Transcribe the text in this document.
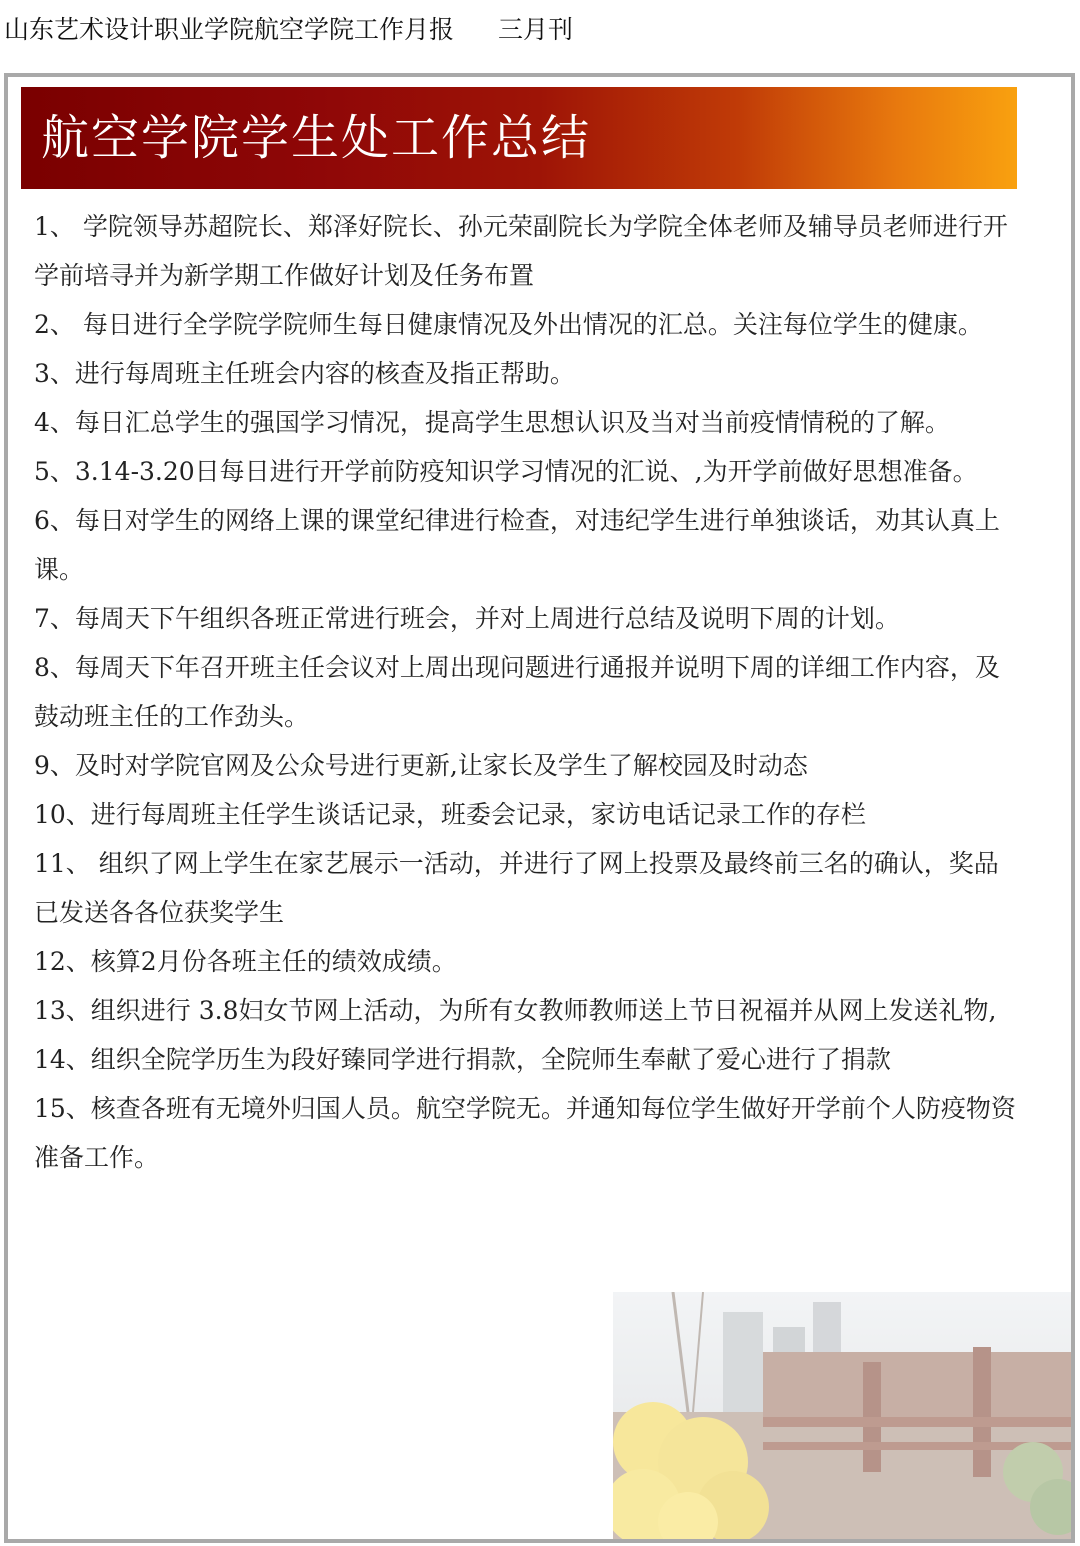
山东艺术设计职业学院航空学院工作月报 三月刊
航空学院学生处工作总结
1、 学院领导苏超院长、郑泽好院长、孙元荣副院长为学院全体老师及辅导员老师进行开学前培寻并为新学期工作做好计划及任务布置
2、 每日进行全学院学院师生每日健康情况及外出情况的汇总。关注每位学生的健康。
3、进行每周班主任班会内容的核查及指正帮助。
4、每日汇总学生的强国学习情况，提高学生思想认识及当对当前疫情情税的了解。
5、3.14-3.20日每日进行开学前防疫知识学习情况的汇说、,为开学前做好思想准备。
6、每日对学生的网络上课的课堂纪律进行检查，对违纪学生进行单独谈话，劝其认真上课。
7、每周天下午组织各班正常进行班会，并对上周进行总结及说明下周的计划。
8、每周天下年召开班主任会议对上周出现问题进行通报并说明下周的详细工作内容，及鼓动班主任的工作劲头。
9、及时对学院官网及公众号进行更新,让家长及学生了解校园及时动态
10、进行每周班主任学生谈话记录，班委会记录，家访电话记录工作的存栏
11、 组织了网上学生在家艺展示一活动，并进行了网上投票及最终前三名的确认，奖品已发送各各位获奖学生
12、核算2月份各班主任的绩效成绩。
13、组织进行 3.8妇女节网上活动，为所有女教师教师送上节日祝福并从网上发送礼物,
14、组织全院学历生为段好臻同学进行捐款，全院师生奉献了爱心进行了捐款
15、核查各班有无境外归国人员。航空学院无。并通知每位学生做好开学前个人防疫物资准备工作。
